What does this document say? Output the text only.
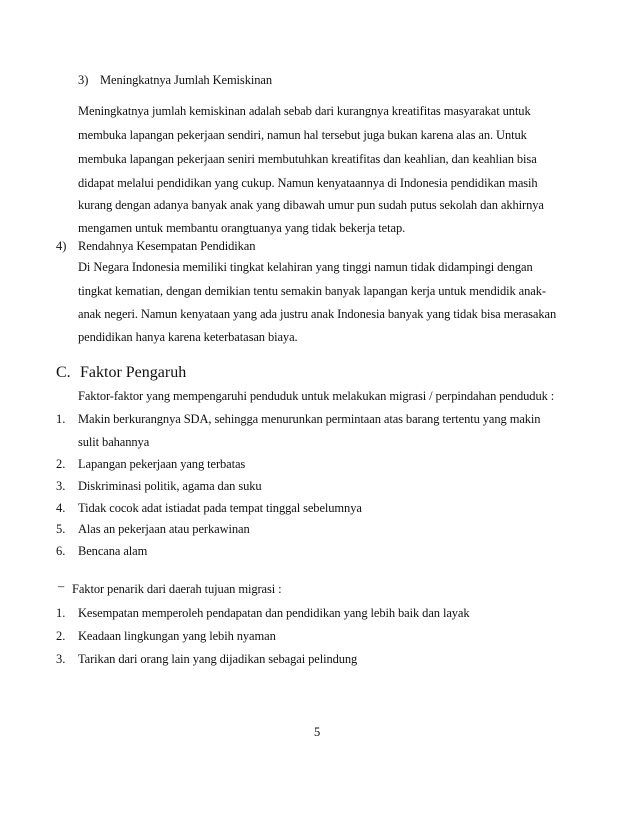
3) Meningkatnya Jumlah Kemiskinan
Meningkatnya jumlah kemiskinan adalah sebab dari kurangnya kreatifitas masyarakat untuk
membuka lapangan pekerjaan sendiri, namun hal tersebut juga bukan karena alas an. Untuk
membuka lapangan pekerjaan seniri membutuhkan kreatifitas dan keahlian, dan keahlian bisa
didapat melalui pendidikan yang cukup. Namun kenyataannya di Indonesia pendidikan masih
kurang dengan adanya banyak anak yang dibawah umur pun sudah putus sekolah dan akhirnya
mengamen untuk membantu orangtuanya yang tidak bekerja tetap.
4) Rendahnya Kesempatan Pendidikan
Di Negara Indonesia memiliki tingkat kelahiran yang tinggi namun tidak didampingi dengan
tingkat kematian, dengan demikian tentu semakin banyak lapangan kerja untuk mendidik anak-
anak negeri. Namun kenyataan yang ada justru anak Indonesia banyak yang tidak bisa merasakan
pendidikan hanya karena keterbatasan biaya.
C. Faktor Pengaruh
Faktor-faktor yang mempengaruhi penduduk untuk melakukan migrasi / perpindahan penduduk :
1. Makin berkurangnya SDA, sehingga menurunkan permintaan atas barang tertentu yang makin
sulit bahannya
2. Lapangan pekerjaan yang terbatas
3. Diskriminasi politik, agama dan suku
4. Tidak cocok adat istiadat pada tempat tinggal sebelumnya
5. Alas an pekerjaan atau perkawinan
6. Bencana alam
– Faktor penarik dari daerah tujuan migrasi :
1. Kesempatan memperoleh pendapatan dan pendidikan yang lebih baik dan layak
2. Keadaan lingkungan yang lebih nyaman
3. Tarikan dari orang lain yang dijadikan sebagai pelindung
5
